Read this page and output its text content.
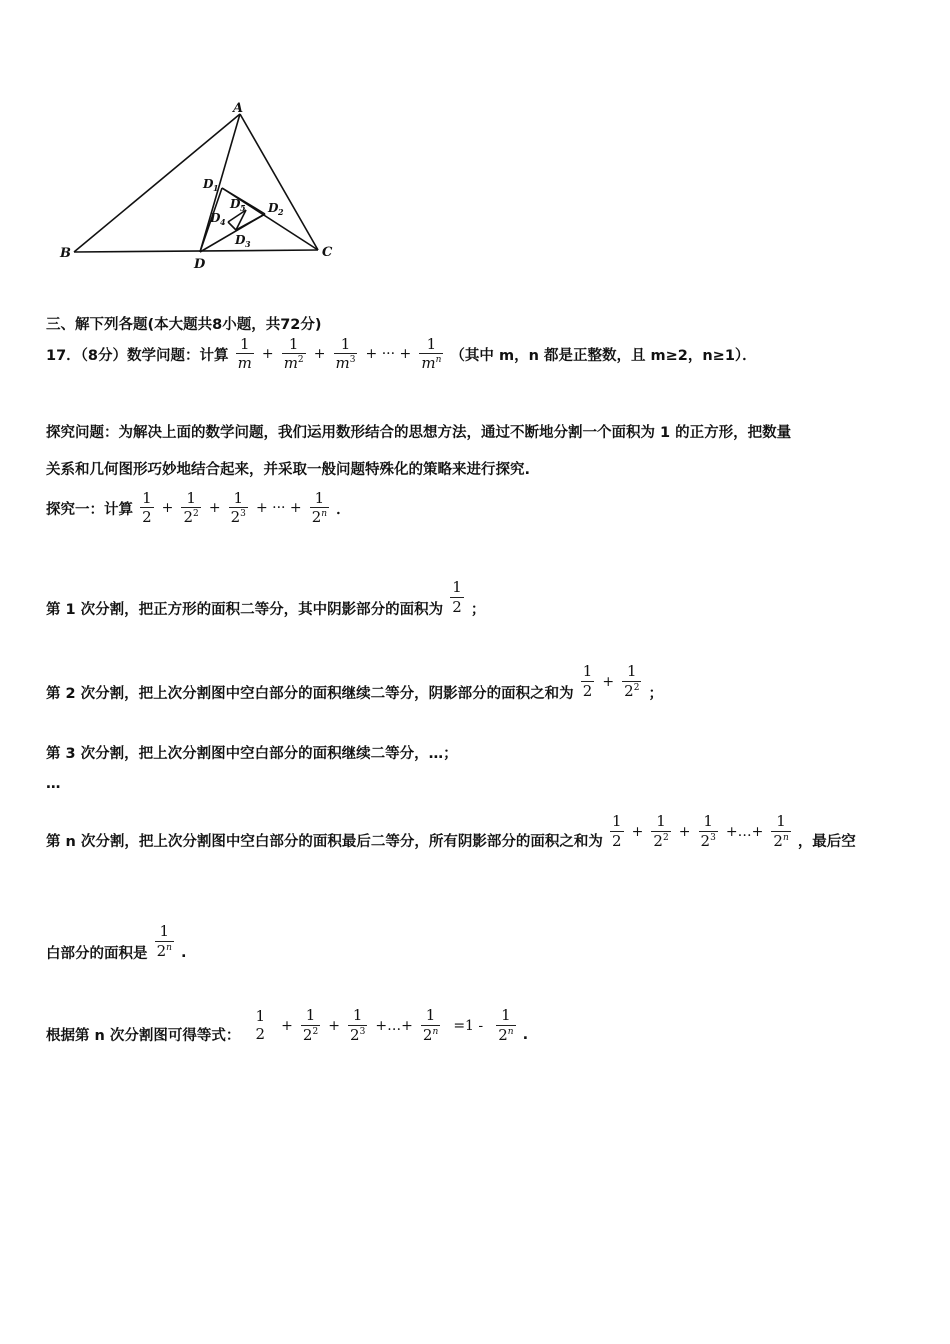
A
B	C
D
D 1
D 2
D 3
D 4
D 5
三、解下列各题(本大题共8小题，共72分)
17．（8分）数学问题：计算 $\frac{1}{m} + \frac{1}{m^2} + \frac{1}{m^3}$ + ··· + $\frac{1}{m^n}$ （其中 m，n 都是正整数，且 m≥2，n≥1）．
探究问题：为解决上面的数学问题，我们运用数形结合的思想方法，通过不断地分割一个面积为 1 的正方形，把数量
关系和几何图形巧妙地结合起来，并采取一般问题特殊化的策略来进行探究.
探究一：计算 $\frac{1}{2} + \frac{1}{2^2} + \frac{1}{2^3}$ + ··· + $\frac{1}{2^n}$ ．
第 1 次分割，把正方形的面积二等分，其中阴影部分的面积为 $\frac{1}{2}$ ；
第 2 次分割，把上次分割图中空白部分的面积继续二等分，阴影部分的面积之和为 $\frac{1}{2} + \frac{1}{2^2}$ ；
第 3 次分割，把上次分割图中空白部分的面积继续二等分，…；
…
第 n 次分割，把上次分割图中空白部分的面积最后二等分，所有阴影部分的面积之和为 $\frac{1}{2} + \frac{1}{2^2} + \frac{1}{2^3}$ +…+ $\frac{1}{2^n}$ ，最后空
白部分的面积是 $\frac{1}{2^n}$ .
根据第 n 次分割图可得等式：
1
$2 + \frac{1}{2^2} + \frac{1}{2^3}$ +…+ $\frac{1}{2^n} =1 - \frac{1}{2^n}$ .
